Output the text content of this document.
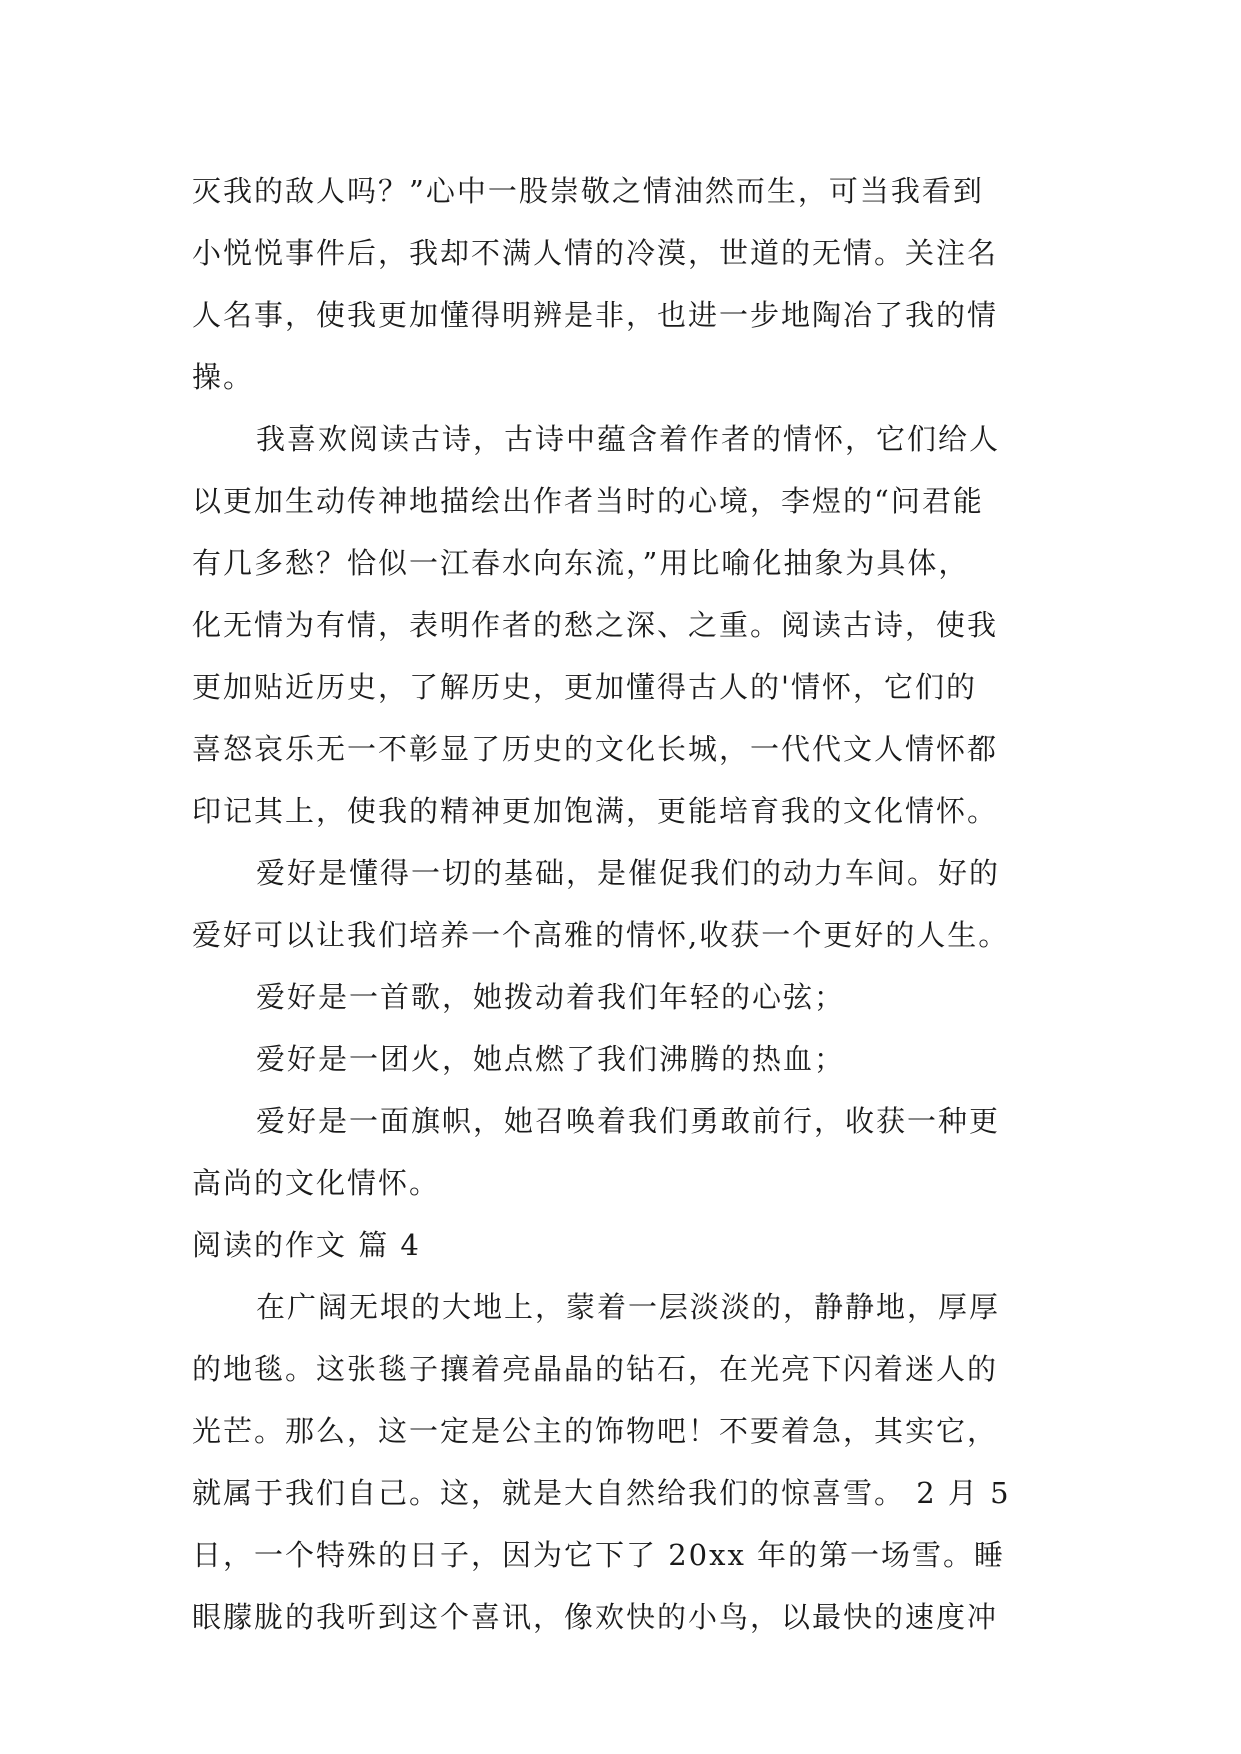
灭我的敌人吗？”心中一股崇敬之情油然而生，可当我看到
小悦悦事件后，我却不满人情的冷漠，世道的无情。关注名
人名事，使我更加懂得明辨是非，也进一步地陶冶了我的情
操。
我喜欢阅读古诗，古诗中蕴含着作者的情怀，它们给人
以更加生动传神地描绘出作者当时的心境，李煜的“问君能
有几多愁？恰似一江春水向东流，”用比喻化抽象为具体，
化无情为有情，表明作者的愁之深、之重。阅读古诗，使我
更加贴近历史，了解历史，更加懂得古人的'情怀，它们的
喜怒哀乐无一不彰显了历史的文化长城，一代代文人情怀都
印记其上，使我的精神更加饱满，更能培育我的文化情怀。
爱好是懂得一切的基础，是催促我们的动力车间。好的
爱好可以让我们培养一个高雅的情怀,收获一个更好的人生。
爱好是一首歌，她拨动着我们年轻的心弦；
爱好是一团火，她点燃了我们沸腾的热血；
爱好是一面旗帜，她召唤着我们勇敢前行，收获一种更
高尚的文化情怀。
阅读的作文 篇 4
在广阔无垠的大地上，蒙着一层淡淡的，静静地，厚厚
的地毯。这张毯子攘着亮晶晶的钻石，在光亮下闪着迷人的
光芒。那么，这一定是公主的饰物吧！不要着急，其实它，
就属于我们自己。这，就是大自然给我们的惊喜雪。 2 月 5
日，一个特殊的日子，因为它下了 20xx 年的第一场雪。睡
眼朦胧的我听到这个喜讯，像欢快的小鸟，以最快的速度冲
